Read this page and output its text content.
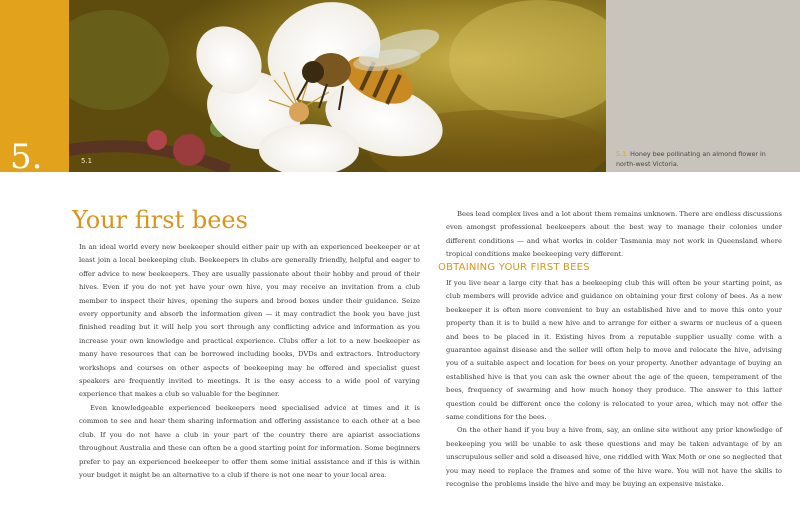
5.	5.1
5.1 Honey bee pollinating an almond flower in north-west Victoria.
Your first bees

In an ideal world every new beekeeper should either pair up with an experienced beekeeper or at least join a local beekeeping club. Beekeepers in clubs are generally friendly, helpful and eager to offer advice to new beekeepers. They are usually passionate about their hobby and proud of their hives. Even if you do not yet have your own hive, you may receive an invitation from a club member to inspect their hives, opening the supers and brood boxes under their guidance. Seize every opportunity and absorb the information given — it may contradict the book you have just finished reading but it will help you sort through any conflicting advice and information as you increase your own knowledge and practical experience. Clubs offer a lot to a new beekeeper as many have resources that can be borrowed including books, DVDs and extractors. Introductory workshops and courses on other aspects of beekeeping may be offered and specialist guest speakers are frequently invited to meetings. It is the easy access to a wide pool of varying experience that makes a club so valuable for the beginner.

Even knowledgeable experienced beekeepers need specialised advice at times and it is common to see and hear them sharing information and offering assistance to each other at a bee club. If you do not have a club in your part of the country there are apiarist associations throughout Australia and these can often be a good starting point for information. Some beginners prefer to pay an experienced beekeeper to offer them some initial assistance and if this is within your budget it might be an alternative to a club if there is not one near to your local area.

Bees lead complex lives and a lot about them remains unknown. There are endless discussions even amongst professional beekeepers about the best way to manage their colonies under different conditions — and what works in colder Tasmania may not work in Queensland where tropical conditions make beekeeping very different.

OBTAINING YOUR FIRST BEES

If you live near a large city that has a beekeeping club this will often be your starting point, as club members will provide advice and guidance on obtaining your first colony of bees. As a new beekeeper it is often more convenient to buy an established hive and to move this onto your property than it is to build a new hive and to arrange for either a swarm or nucleus of a queen and bees to be placed in it. Existing hives from a reputable supplier usually come with a guarantee against disease and the seller will often help to move and relocate the hive, advising you of a suitable aspect and location for bees on your property. Another advantage of buying an established hive is that you can ask the owner about the age of the queen, temperament of the bees, frequency of swarming and how much honey they produce. The answer to this latter question could be different once the colony is relocated to your area, which may not offer the same conditions for the bees.

On the other hand if you buy a hive from, say, an online site without any prior knowledge of beekeeping you will be unable to ask these questions and may be taken advantage of by an unscrupulous seller and sold a diseased hive, one riddled with Wax Moth or one so neglected that you may need to replace the frames and some of the hive ware. You will not have the skills to recognise the problems inside the hive and may be buying an expensive mistake.
